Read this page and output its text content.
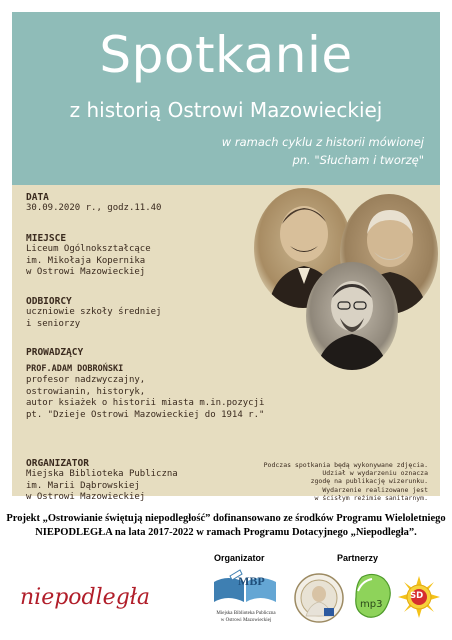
Spotkanie
z historią Ostrowi Mazowieckiej
w ramach cyklu z historii mówionej
pn. "Słucham i tworzę"
DATA
30.09.2020 r., godz.11.40
MIEJSCE
Liceum Ogólnokształcące
im. Mikołaja Kopernika
w Ostrowi Mazowieckiej
ODBIORCY
uczniowie szkoły średniej
i seniorzy
PROWADZĄCY
PROF.ADAM DOBROŃSKI
profesor nadzwyczajny,
ostrowianin, historyk,
autor ksiażek o historii miasta m.in.pozycji
pt. "Dzieje Ostrowi Mazowieckiej do 1914 r."
ORGANIZATOR
Miejska Biblioteka Publiczna
im. Marii Dąbrowskiej
w Ostrowi Mazowieckiej
Podczas spotkania będą wykonywane zdjęcia.
Udział w wydarzeniu oznacza
zgodę na publikację wizerunku.
Wydarzenie realizowane jest
w ścisłym reżimie sanitarnym.
Projekt „Ostrowianie świętują niepodległość” dofinansowano ze środków Programu Wieloletniego
NIEPODLEGŁA na lata 2017-2022 w ramach Programu Dotacyjnego „Niepodległa”.
Organizator	Partnerzy
niepodległa
MBP
Miejska Biblioteka Publiczna
w Ostrowi Mazowieckiej
mp3
SD
